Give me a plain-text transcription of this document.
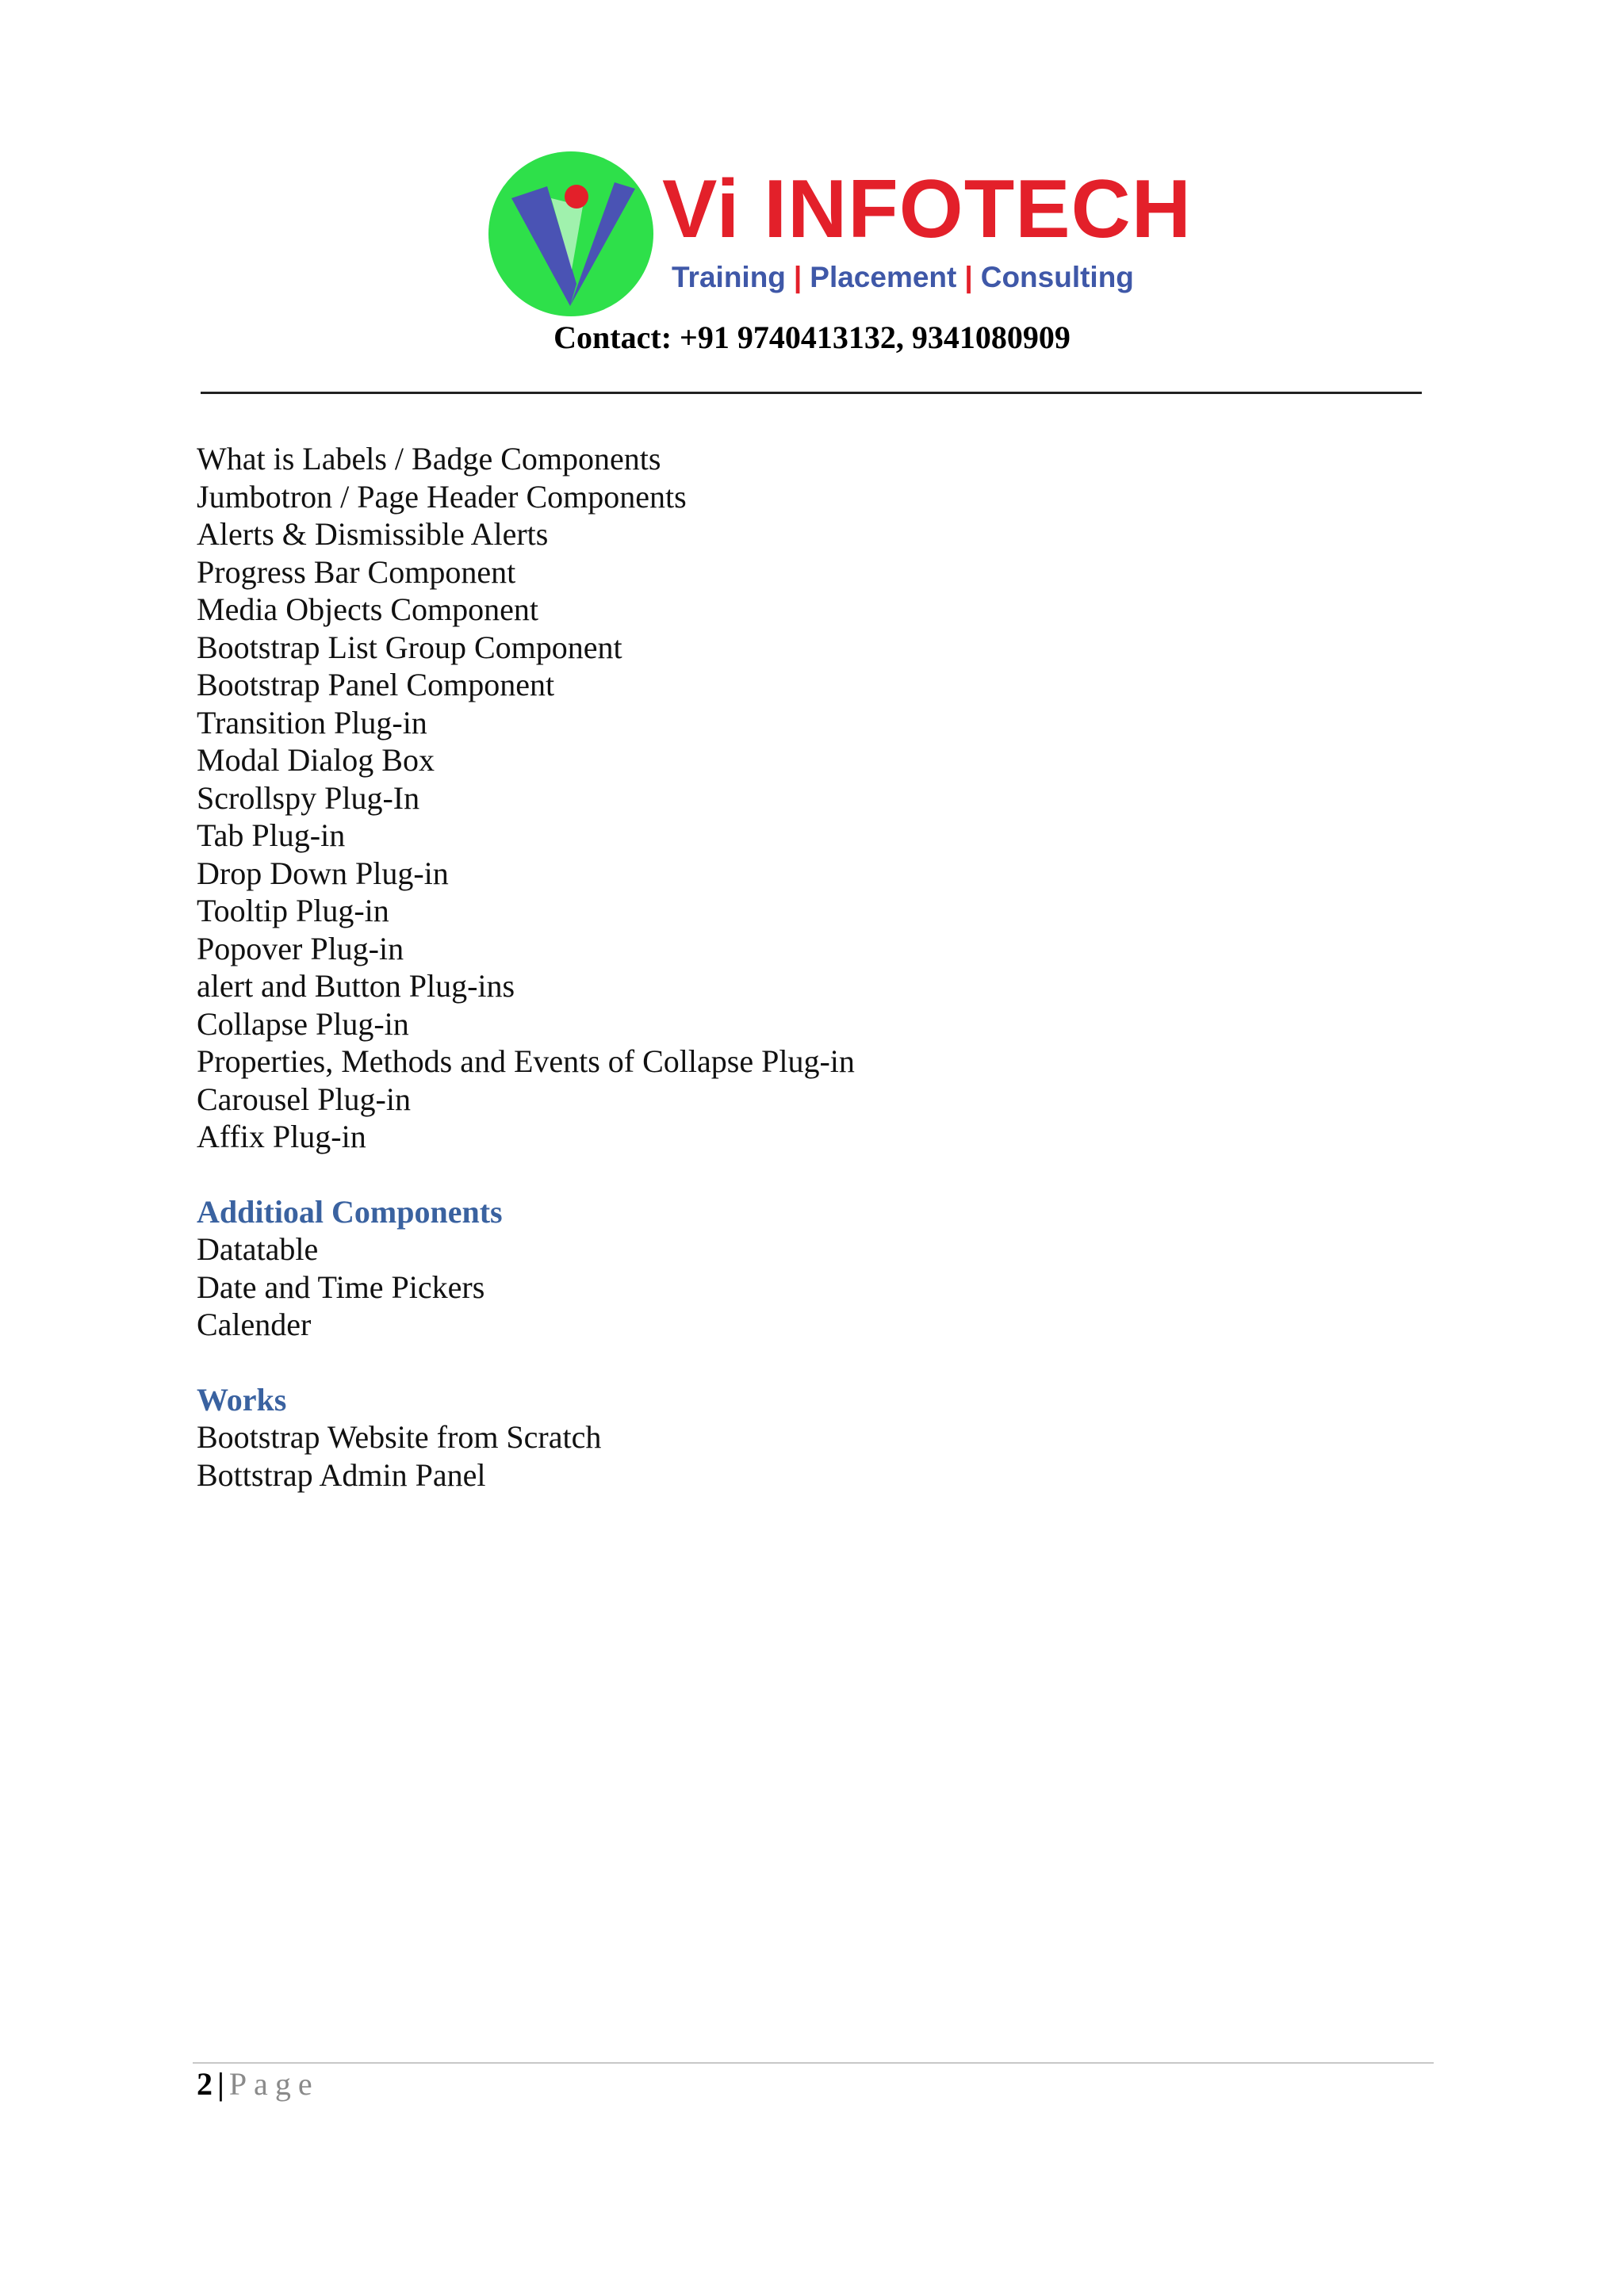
Vi INFOTECH
Training | Placement | Consulting
Contact: +91 9740413132, 9341080909
What is Labels / Badge Components
Jumbotron / Page Header Components
Alerts & Dismissible Alerts
Progress Bar Component
Media Objects Component
Bootstrap List Group Component
Bootstrap Panel Component
Transition Plug-in
Modal Dialog Box
Scrollspy Plug-In
Tab Plug-in
Drop Down Plug-in
Tooltip Plug-in
Popover Plug-in
alert and Button Plug-ins
Collapse Plug-in
Properties, Methods and Events of Collapse Plug-in
Carousel Plug-in
Affix Plug-in
Additioal Components
Datatable
Date and Time Pickers
Calender
Works
Bootstrap Website from Scratch
Bottstrap Admin Panel
2 | Page
